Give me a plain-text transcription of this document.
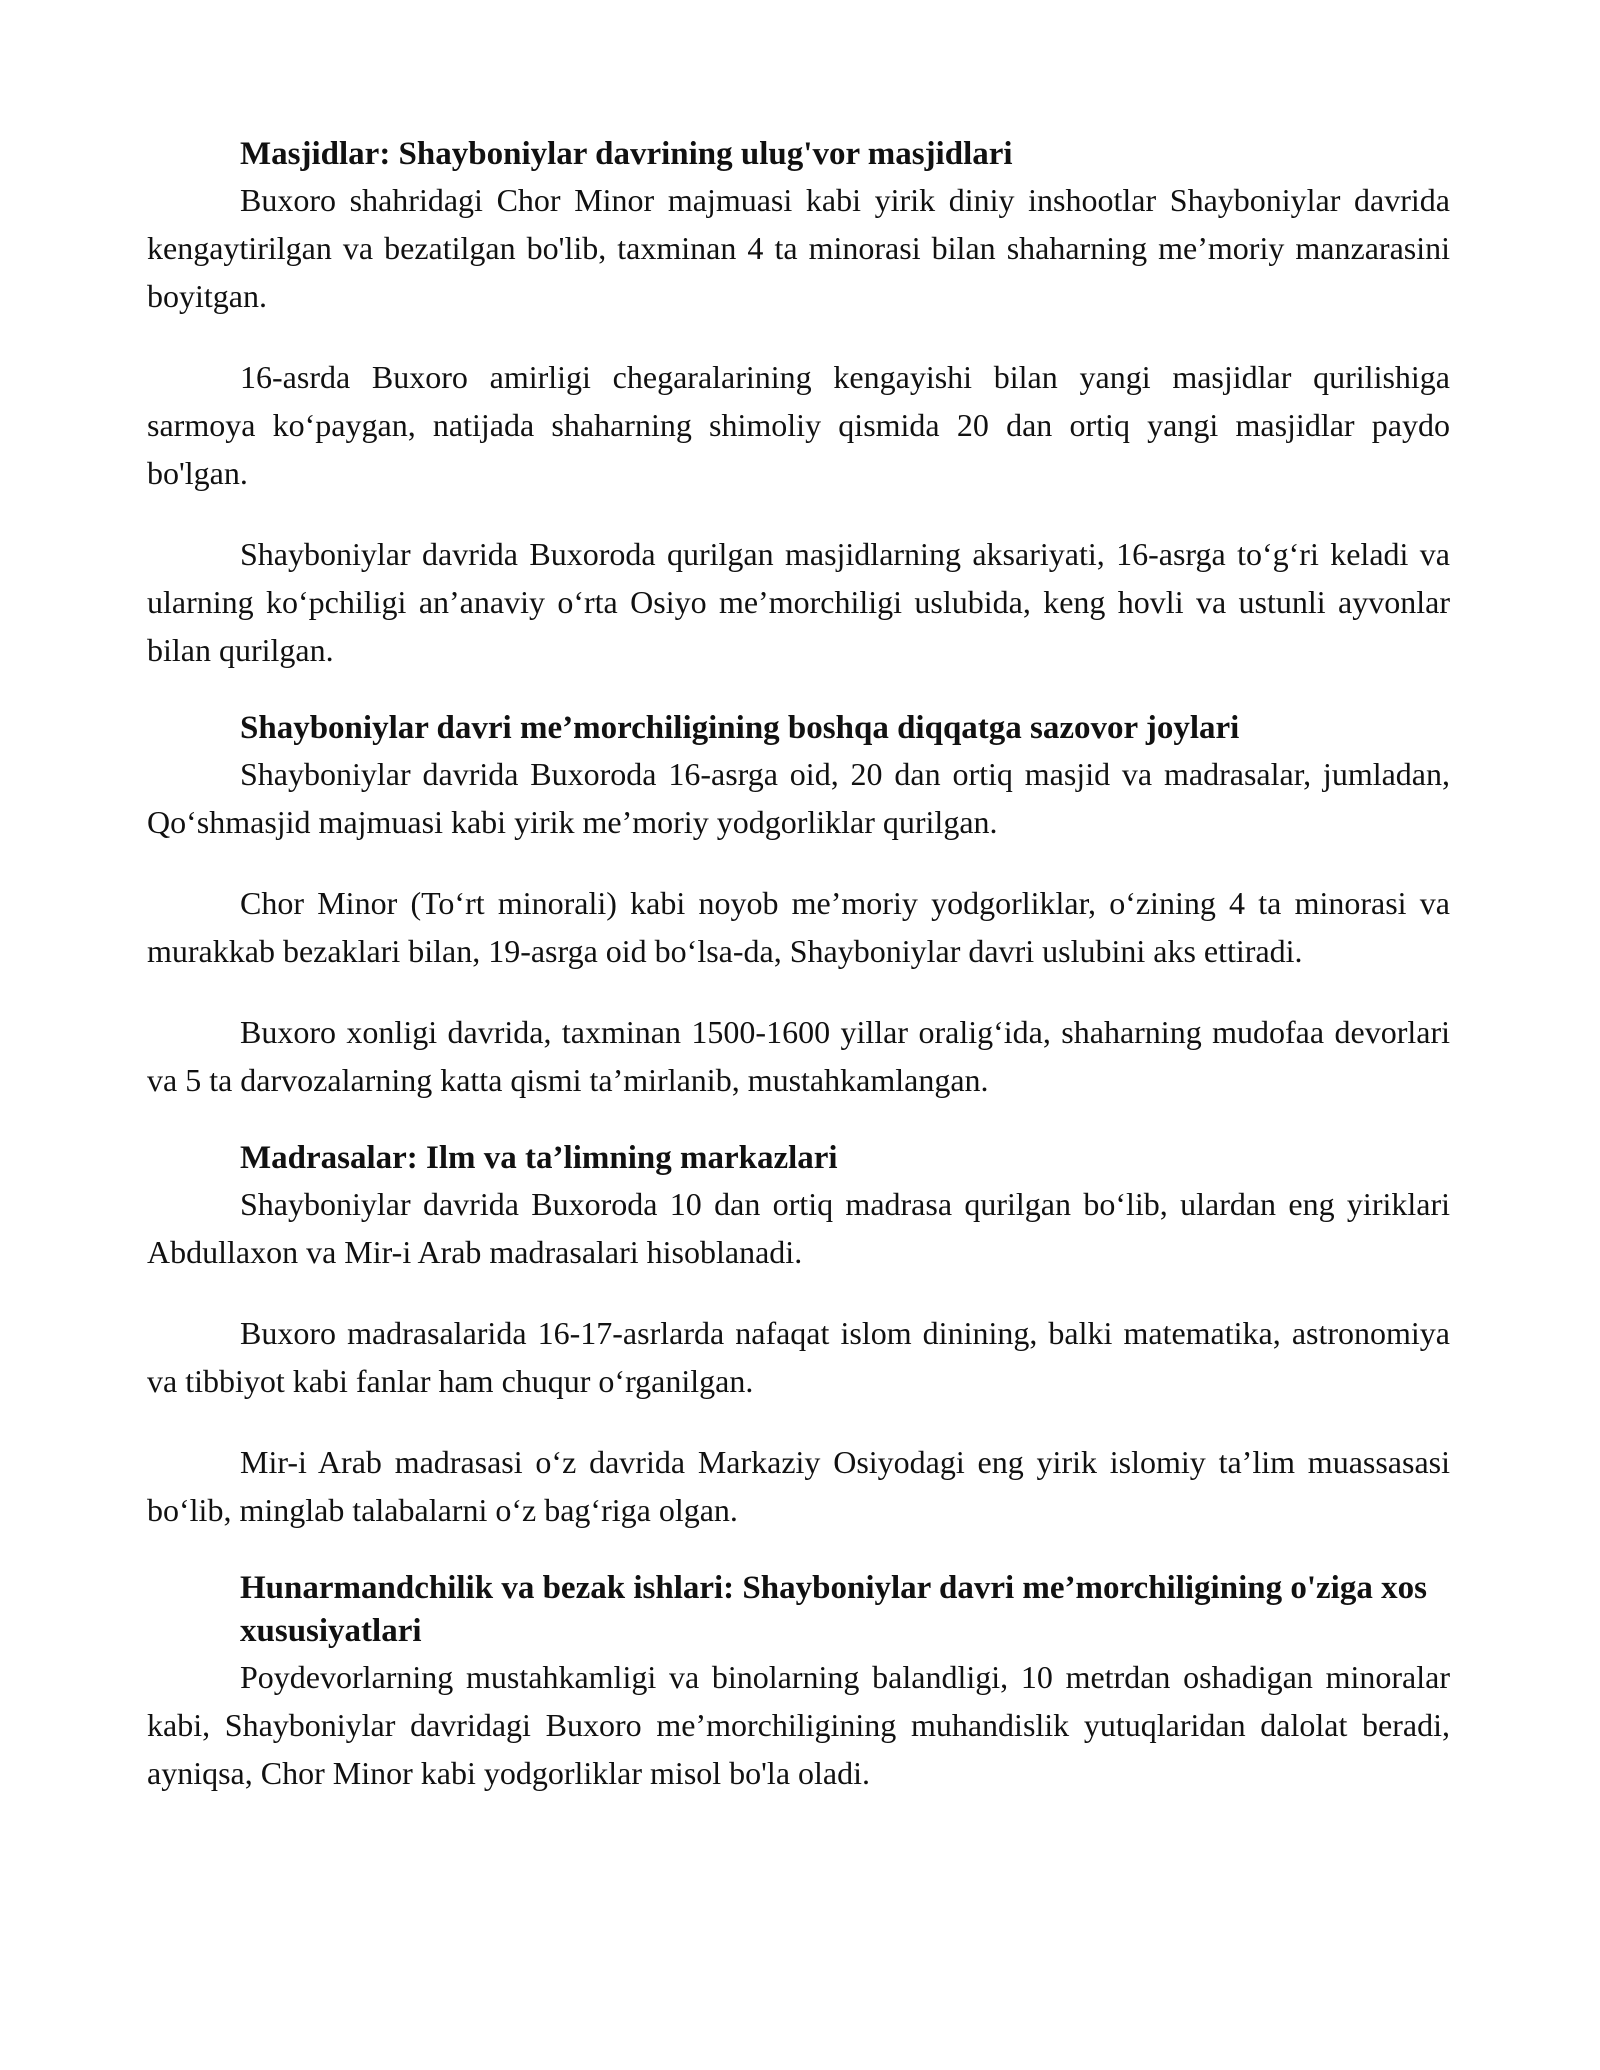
Masjidlar: Shayboniylar davrining ulug'vor masjidlari

Buxoro shahridagi Chor Minor majmuasi kabi yirik diniy inshootlar Shayboniylar davrida kengaytirilgan va bezatilgan bo'lib, taxminan 4 ta minorasi bilan shaharning me’moriy manzarasini boyitgan.

16-asrda Buxoro amirligi chegaralarining kengayishi bilan yangi masjidlar qurilishiga sarmoya ko‘paygan, natijada shaharning shimoliy qismida 20 dan ortiq yangi masjidlar paydo bo'lgan.

Shayboniylar davrida Buxoroda qurilgan masjidlarning aksariyati, 16-asrga to‘g‘ri keladi va ularning ko‘pchiligi an’anaviy o‘rta Osiyo me’morchiligi uslubida, keng hovli va ustunli ayvonlar bilan qurilgan.

Shayboniylar davri me’morchiligining boshqa diqqatga sazovor joylari

Shayboniylar davrida Buxoroda 16-asrga oid, 20 dan ortiq masjid va madrasalar, jumladan, Qo‘shmasjid majmuasi kabi yirik me’moriy yodgorliklar qurilgan.

Chor Minor (To‘rt minorali) kabi noyob me’moriy yodgorliklar, o‘zining 4 ta minorasi va murakkab bezaklari bilan, 19-asrga oid bo‘lsa-da, Shayboniylar davri uslubini aks ettiradi.

Buxoro xonligi davrida, taxminan 1500-1600 yillar oralig‘ida, shaharning mudofaa devorlari va 5 ta darvozalarning katta qismi ta’mirlanib, mustahkamlangan.

Madrasalar: Ilm va ta’limning markazlari

Shayboniylar davrida Buxoroda 10 dan ortiq madrasa qurilgan bo‘lib, ulardan eng yiriklari Abdullaxon va Mir-i Arab madrasalari hisoblanadi.

Buxoro madrasalarida 16-17-asrlarda nafaqat islom dinining, balki matematika, astronomiya va tibbiyot kabi fanlar ham chuqur o‘rganilgan.

Mir-i Arab madrasasi o‘z davrida Markaziy Osiyodagi eng yirik islomiy ta’lim muassasasi bo‘lib, minglab talabalarni o‘z bag‘riga olgan.

Hunarmandchilik va bezak ishlari: Shayboniylar davri me’morchiligining o'ziga xos xususiyatlari

Poydevorlarning mustahkamligi va binolarning balandligi, 10 metrdan oshadigan minoralar kabi, Shayboniylar davridagi Buxoro me’morchiligining muhandislik yutuqlaridan dalolat beradi, ayniqsa, Chor Minor kabi yodgorliklar misol bo'la oladi.
